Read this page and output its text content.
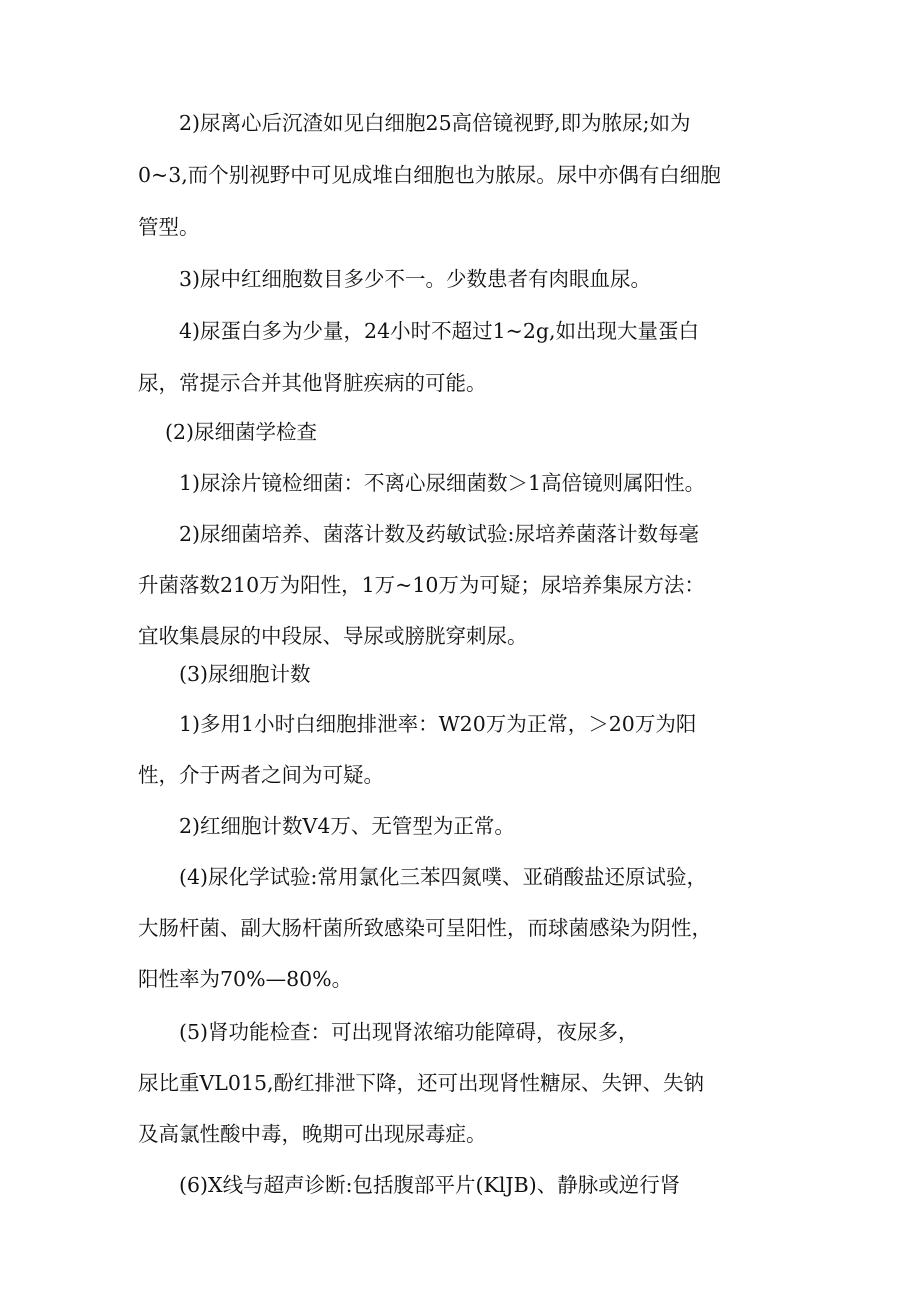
　　2)尿离心后沉渣如见白细胞25高倍镜视野,即为脓尿;如为
0~3,而个别视野中可见成堆白细胞也为脓尿。尿中亦偶有白细胞
管型。
　　3)尿中红细胞数目多少不一。少数患者有肉眼血尿。
　　4)尿蛋白多为少量，24小时不超过1~2g,如出现大量蛋白
尿，常提示合并其他肾脏疾病的可能。
　 (2)尿细菌学检查
　　1)尿涂片镜检细菌：不离心尿细菌数＞1高倍镜则属阳性。
　　2)尿细菌培养、菌落计数及药敏试验:尿培养菌落计数每毫
升菌落数210万为阳性，1万~10万为可疑；尿培养集尿方法：
宜收集晨尿的中段尿、导尿或膀胱穿刺尿。
　　(3)尿细胞计数
　　1)多用1小时白细胞排泄率：W20万为正常，＞20万为阳
性，介于两者之间为可疑。
　　2)红细胞计数V4万、无管型为正常。
　　(4)尿化学试验:常用氯化三苯四氮噗、亚硝酸盐还原试验，
大肠杆菌、副大肠杆菌所致感染可呈阳性，而球菌感染为阴性，
阳性率为70%—80%。
　　(5)肾功能检查：可出现肾浓缩功能障碍，夜尿多，
尿比重VL015,酚红排泄下降，还可出现肾性糖尿、失钾、失钠
及高氯性酸中毒，晚期可出现尿毒症。
　　(6)X线与超声诊断:包括腹部平片(KlJB)、静脉或逆行肾
